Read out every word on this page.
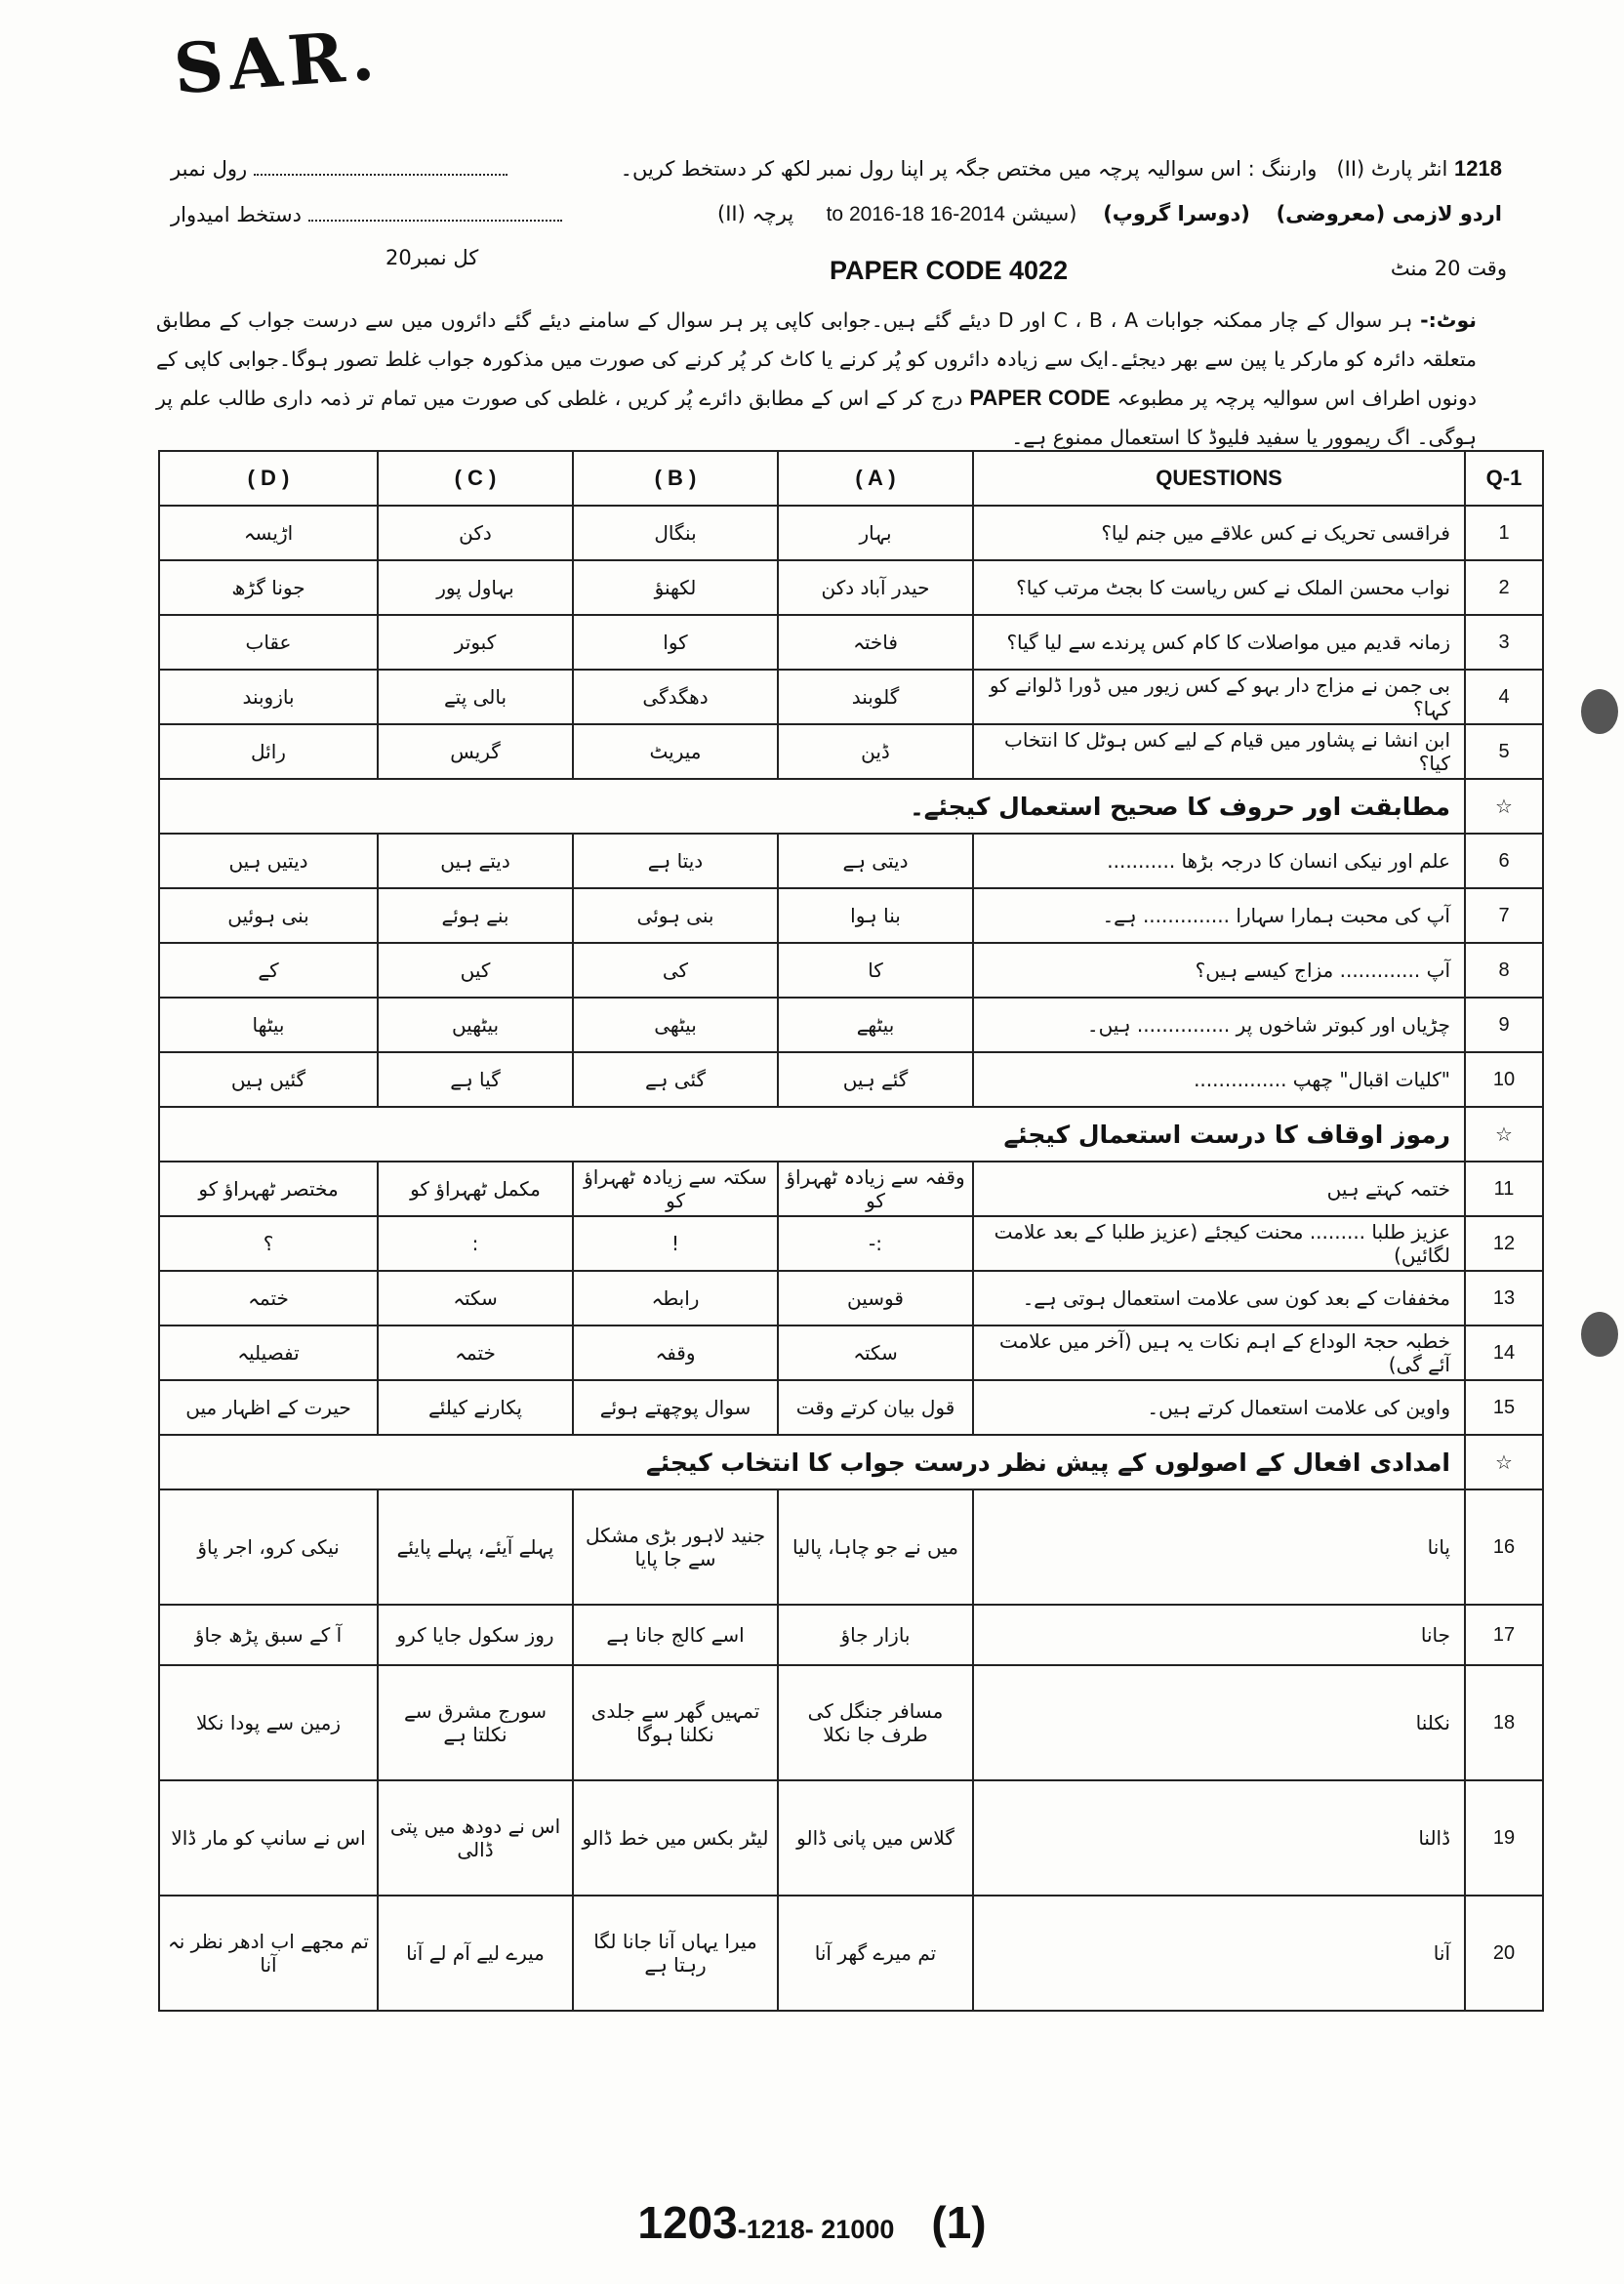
SAR.
1218 انٹر پارٹ (II)   وارننگ : اس سوالیہ پرچہ میں مختص جگہ پر اپنا رول نمبر لکھ کر دستخط کریں۔
رول نمبر
اردو لازمی (معروضی)    (دوسرا گروپ)    (سیشن 2014-16 to 2016-18     پرچہ (II)
دستخط امیدوار
وقت 20 منٹ
PAPER CODE 4022
کل نمبر20
نوٹ:- ہر سوال کے چار ممکنہ جوابات C ، B ، A اور D دیئے گئے ہیں۔جوابی کاپی پر ہر سوال کے سامنے دیئے گئے دائروں میں سے درست جواب کے مطابق متعلقہ دائرہ کو مارکر یا پین سے بھر دیجئے۔ایک سے زیادہ دائروں کو پُر کرنے یا کاٹ کر پُر کرنے کی صورت میں مذکورہ جواب غلط تصور ہوگا۔جوابی کاپی کے دونوں اطراف اس سوالیہ پرچہ پر مطبوعہ PAPER CODE درج کر کے اس کے مطابق دائرے پُر کریں ، غلطی کی صورت میں تمام تر ذمہ داری طالب علم پر ہوگی۔ اگ ریموور یا سفید فلیوڈ کا استعمال ممنوع ہے۔
( D )	( C )	( B )	( A )	QUESTIONS	Q-1
اڑیسہ	دکن	بنگال	بہار	فراقسی تحریک نے کس علاقے میں جنم لیا؟	1
جونا گڑھ	بہاول پور	لکھنؤ	حیدر آباد دکن	نواب محسن الملک نے کس ریاست کا بجٹ مرتب کیا؟	2
عقاب	کبوتر	کوا	فاختہ	زمانہ قدیم میں مواصلات کا کام کس پرندے سے لیا گیا؟	3
بازوبند	بالی پتے	دھگدگی	گلوبند	بی جمن نے مزاج دار بہو کے کس زیور میں ڈورا ڈلوانے کو کہا؟	4
رائل	گریس	میریٹ	ڈین	ابن انشا نے پشاور میں قیام کے لیے کس ہوٹل کا انتخاب کیا؟	5
مطابقت اور حروف کا صحیح استعمال کیجئے۔					☆
دیتیں ہیں	دیتے ہیں	دیتا ہے	دیتی ہے	علم اور نیکی انسان کا درجہ بڑھا ...........	6
بنی ہوئیں	بنے ہوئے	بنی ہوئی	بنا ہوا	آپ کی محبت ہمارا سہارا .............. ہے۔	7
کے	کیں	کی	کا	آپ ............. مزاج کیسے ہیں؟	8
بیٹھا	بیٹھیں	بیٹھی	بیٹھے	چڑیاں اور کبوتر شاخوں پر ............... ہیں۔	9
گئیں ہیں	گیا ہے	گئی ہے	گئے ہیں	"کلیات اقبال" چھپ ...............	10
رموز اوقاف کا درست استعمال کیجئے					☆
مختصر ٹھہراؤ کو	مکمل ٹھہراؤ کو	سکتہ سے زیادہ ٹھہراؤ کو	وقفہ سے زیادہ ٹھہراؤ کو	ختمہ کہتے ہیں	11
؟	:	!	:-	عزیز طلبا ......... محنت کیجئے (عزیز طلبا کے بعد علامت لگائیں)	12
ختمہ	سکتہ	رابطہ	قوسین	مخففات کے بعد کون سی علامت استعمال ہوتی ہے۔	13
تفصیلیہ	ختمہ	وقفہ	سکتہ	خطبہ حجۃ الوداع کے اہم نکات یہ ہیں (آخر میں علامت آئے گی)	14
حیرت کے اظہار میں	پکارنے کیلئے	سوال پوچھتے ہوئے	قول بیان کرتے وقت	واوین کی علامت استعمال کرتے ہیں۔	15
امدادی افعال کے اصولوں کے پیش نظر درست جواب کا انتخاب کیجئے					☆
نیکی کرو، اجر پاؤ	پہلے آیئے، پہلے پایئے	جنید لاہور بڑی مشکل سے جا پایا	میں نے جو چاہا، پالیا	پانا	16
آ کے سبق پڑھ جاؤ	روز سکول جایا کرو	اسے کالج جانا ہے	بازار جاؤ	جانا	17
زمین سے پودا نکلا	سورج مشرق سے نکلتا ہے	تمہیں گھر سے جلدی نکلنا ہوگا	مسافر جنگل کی طرف جا نکلا	نکلنا	18
اس نے سانپ کو مار ڈالا	اس نے دودھ میں پتی ڈالی	لیٹر بکس میں خط ڈالو	گلاس میں پانی ڈالو	ڈالنا	19
تم مجھے اب ادھر نظر نہ آنا	میرے لیے آم لے آنا	میرا یہاں آنا جانا لگا رہتا ہے	تم میرے گھر آنا	آنا	20
1203-1218- 21000 (1)
